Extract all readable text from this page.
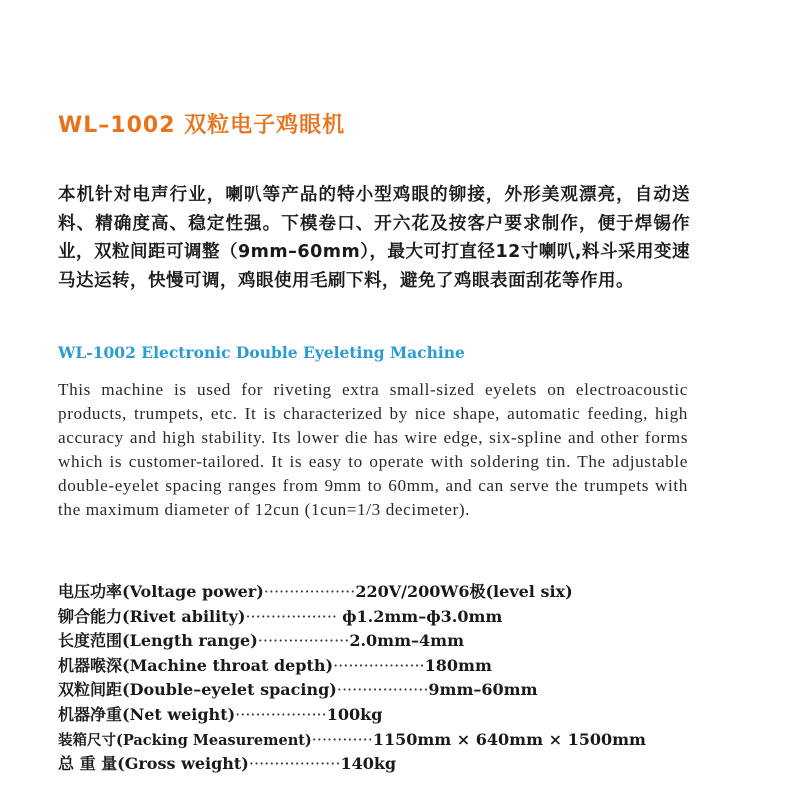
WL–1002 双粒电子鸡眼机
本机针对电声行业，喇叭等产品的特小型鸡眼的铆接，外形美观漂亮，自动送料、精确度高、稳定性强。下模卷口、开六花及按客户要求制作，便于焊锡作业，双粒间距可调整（9mm–60mm），最大可打直径12寸喇叭,料斗采用变速马达运转，快慢可调，鸡眼使用毛刷下料，避免了鸡眼表面刮花等作用。
WL-1002 Electronic Double Eyeleting Machine
This machine is used for riveting extra small-sized eyelets on electroacoustic products, trumpets, etc. It is characterized by nice shape, automatic feeding, high accuracy and high stability. Its lower die has wire edge, six-spline and other forms which is customer-tailored. It is easy to operate with soldering tin. The adjustable double-eyelet spacing ranges from 9mm to 60mm, and can serve the trumpets with the maximum diameter of 12cun (1cun=1/3 decimeter).
电压功率(Voltage power)··················220V/200W6极(level six)
铆合能力(Rivet ability)·················· ф1.2mm–ф3.0mm
长度范围(Length range)··················2.0mm–4mm
机器喉深(Machine throat depth)··················180mm
双粒间距(Double–eyelet spacing)··················9mm–60mm
机器净重(Net weight)··················100kg
装箱尺寸(Packing Measurement)············1150mm × 640mm × 1500mm
总 重 量(Gross weight)··················140kg
